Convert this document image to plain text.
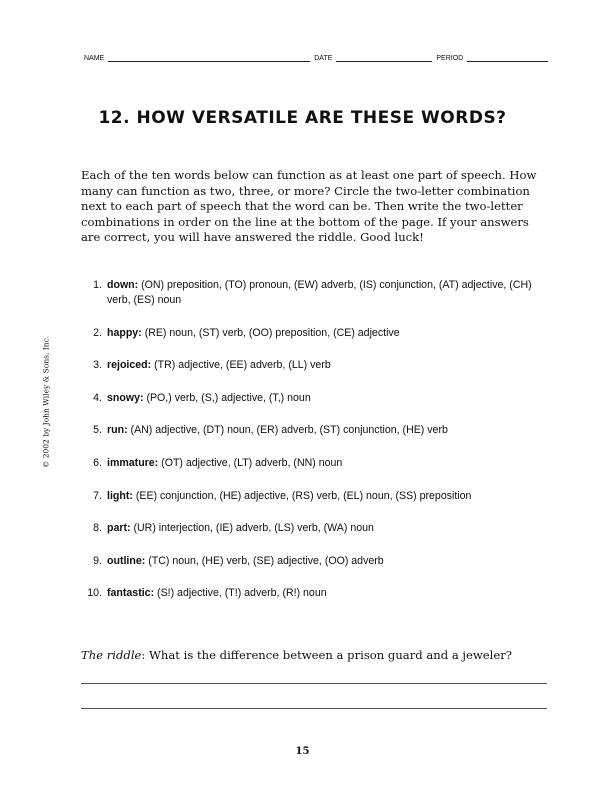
NAME	DATE	PERIOD
12. HOW VERSATILE ARE THESE WORDS?
Each of the ten words below can function as at least one part of speech. How many can function as two, three, or more? Circle the two-letter combination next to each part of speech that the word can be. Then write the two-letter combinations in order on the line at the bottom of the page. If your answers are correct, you will have answered the riddle. Good luck!
1. down: (ON) preposition, (TO) pronoun, (EW) adverb, (IS) conjunction, (AT) adjective, (CH) verb, (ES) noun
2. happy: (RE) noun, (ST) verb, (OO) preposition, (CE) adjective
3. rejoiced: (TR) adjective, (EE) adverb, (LL) verb
4. snowy: (PO,) verb, (S,) adjective, (T,) noun
5. run: (AN) adjective, (DT) noun, (ER) adverb, (ST) conjunction, (HE) verb
6. immature: (OT) adjective, (LT) adverb, (NN) noun
7. light: (EE) conjunction, (HE) adjective, (RS) verb, (EL) noun, (SS) preposition
8. part: (UR) interjection, (IE) adverb, (LS) verb, (WA) noun
9. outline: (TC) noun, (HE) verb, (SE) adjective, (OO) adverb
10. fantastic: (S!) adjective, (T!) adverb, (R!) noun
© 2002 by John Wiley & Sons, Inc.
The riddle: What is the difference between a prison guard and a jeweler?
15
